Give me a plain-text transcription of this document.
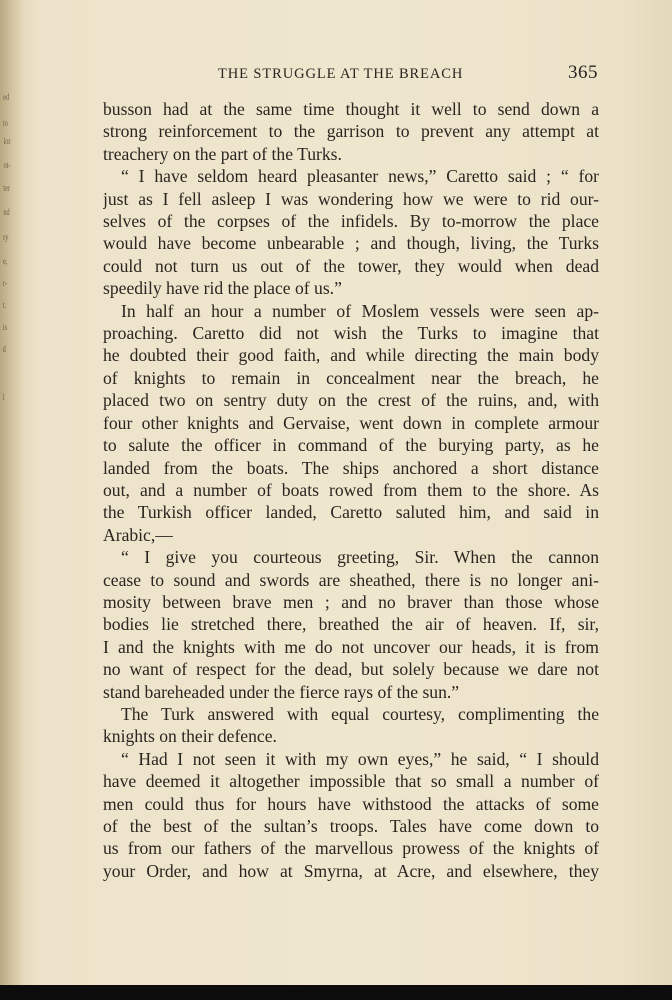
ed
to
lor
ot-
ter
nd
ry
e,
r-
t.
is
d
l
THE STRUGGLE AT THE BREACH	365
busson had at the same time thought it well to send down a
strong reinforcement to the garrison to prevent any attempt at
treachery on the part of the Turks.
“ I have seldom heard pleasanter news,” Caretto said ; “ for
just as I fell asleep I was wondering how we were to rid our-
selves of the corpses of the infidels. By to-morrow the place
would have become unbearable ; and though, living, the Turks
could not turn us out of the tower, they would when dead
speedily have rid the place of us.”
In half an hour a number of Moslem vessels were seen ap-
proaching. Caretto did not wish the Turks to imagine that
he doubted their good faith, and while directing the main body
of knights to remain in concealment near the breach, he
placed two on sentry duty on the crest of the ruins, and, with
four other knights and Gervaise, went down in complete armour
to salute the officer in command of the burying party, as he
landed from the boats. The ships anchored a short distance
out, and a number of boats rowed from them to the shore. As
the Turkish officer landed, Caretto saluted him, and said in
Arabic,—
“ I give you courteous greeting, Sir. When the cannon
cease to sound and swords are sheathed, there is no longer ani-
mosity between brave men ; and no braver than those whose
bodies lie stretched there, breathed the air of heaven. If, sir,
I and the knights with me do not uncover our heads, it is from
no want of respect for the dead, but solely because we dare not
stand bareheaded under the fierce rays of the sun.”
The Turk answered with equal courtesy, complimenting the
knights on their defence.
“ Had I not seen it with my own eyes,” he said, “ I should
have deemed it altogether impossible that so small a number of
men could thus for hours have withstood the attacks of some
of the best of the sultan’s troops. Tales have come down to
us from our fathers of the marvellous prowess of the knights of
your Order, and how at Smyrna, at Acre, and elsewhere, they
